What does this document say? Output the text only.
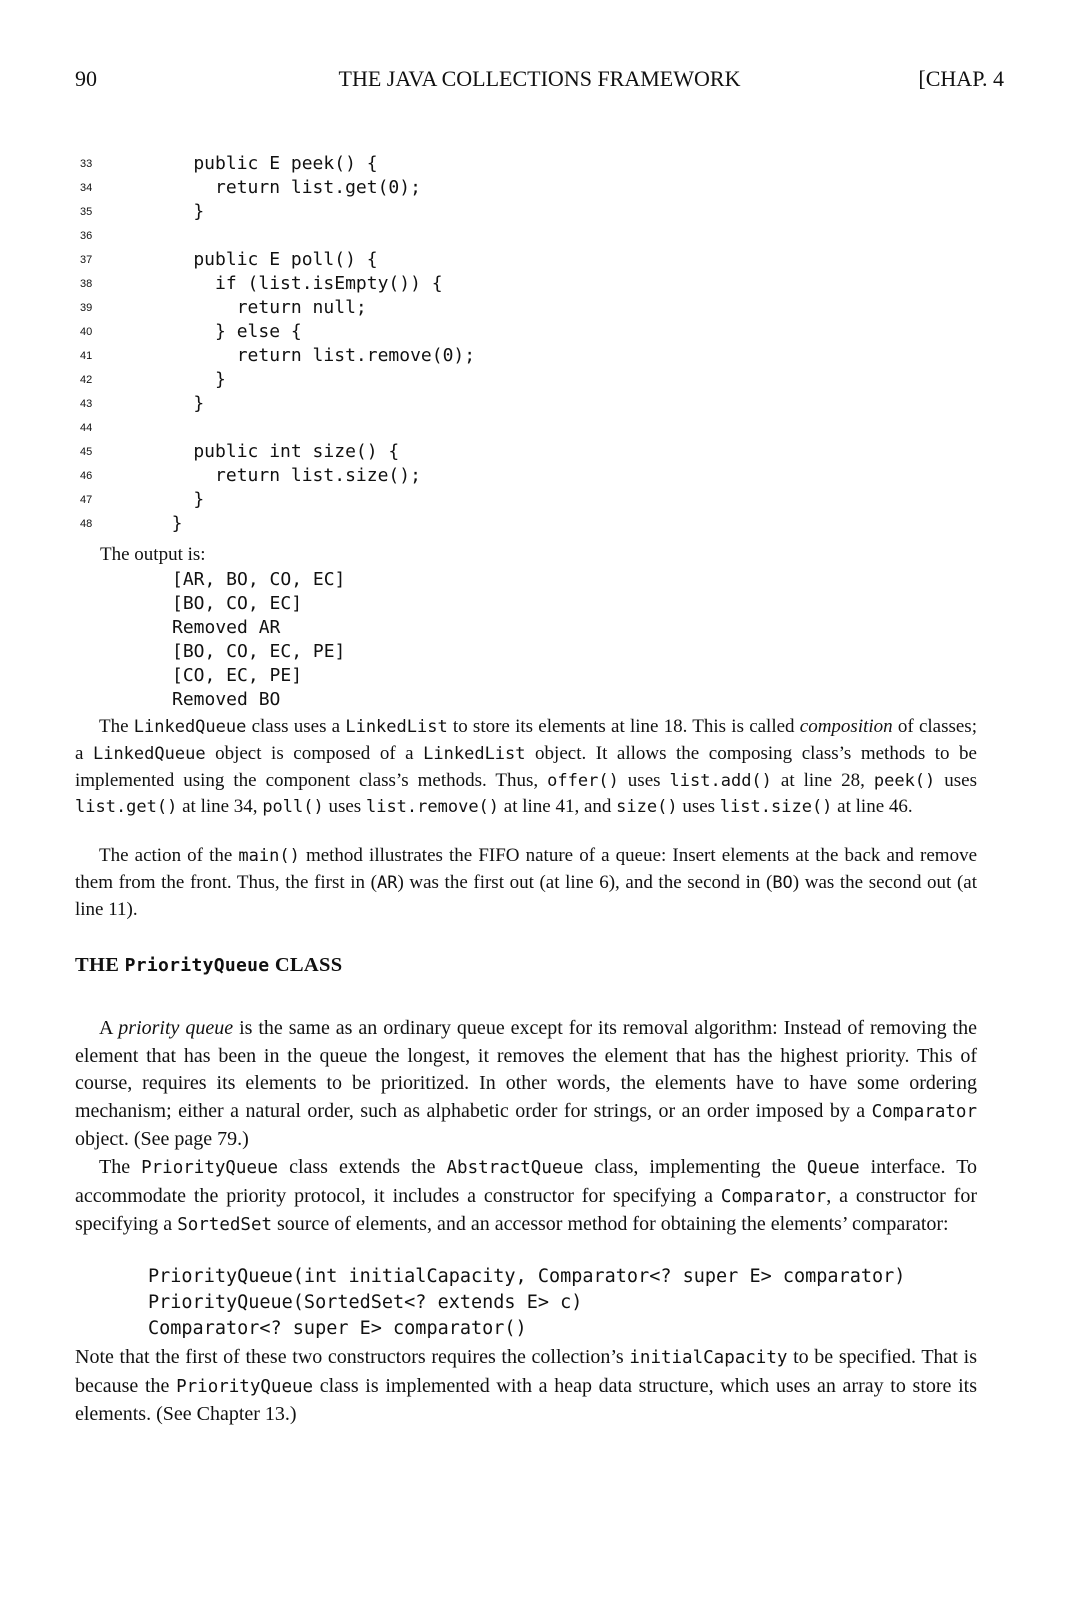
THE JAVA COLLECTIONS FRAMEWORK
90	[CHAP. 4
33	public E peek() {
34	return list.get(0);
35	}
36
37	public E poll() {
38	if (list.isEmpty()) {
39	return null;
40	} else {
41	return list.remove(0);
42	}
43	}
44
45	public int size() {
46	return list.size();
47	}
48	}
The output is:
[AR, BO, CO, EC]
[BO, CO, EC]
Removed AR
[BO, CO, EC, PE]
[CO, EC, PE]
Removed BO

The LinkedQueue class uses a LinkedList to store its elements at line 18. This is called composition of classes; a LinkedQueue object is composed of a LinkedList object. It allows the composing class’s methods to be implemented using the component class’s methods. Thus, offer() uses list.add() at line 28, peek() uses list.get() at line 34, poll() uses list.remove() at line 41, and size() uses list.size() at line 46.

The action of the main() method illustrates the FIFO nature of a queue: Insert elements at the back and remove them from the front. Thus, the first in (AR) was the first out (at line 6), and the second in (BO) was the second out (at line 11).

THE PriorityQueue CLASS

A priority queue is the same as an ordinary queue except for its removal algorithm: Instead of removing the element that has been in the queue the longest, it removes the element that has the highest priority. This of course, requires its elements to be prioritized. In other words, the elements have to have some ordering mechanism; either a natural order, such as alphabetic order for strings, or an order imposed by a Comparator object. (See page 79.)

The PriorityQueue class extends the AbstractQueue class, implementing the Queue interface. To accommodate the priority protocol, it includes a constructor for specifying a Comparator, a constructor for specifying a SortedSet source of elements, and an accessor method for obtaining the elements’ comparator:

PriorityQueue(int initialCapacity, Comparator<? super E> comparator)
PriorityQueue(SortedSet<? extends E> c)
Comparator<? super E> comparator()

Note that the first of these two constructors requires the collection’s initialCapacity to be specified. That is because the PriorityQueue class is implemented with a heap data structure, which uses an array to store its elements. (See Chapter 13.)
